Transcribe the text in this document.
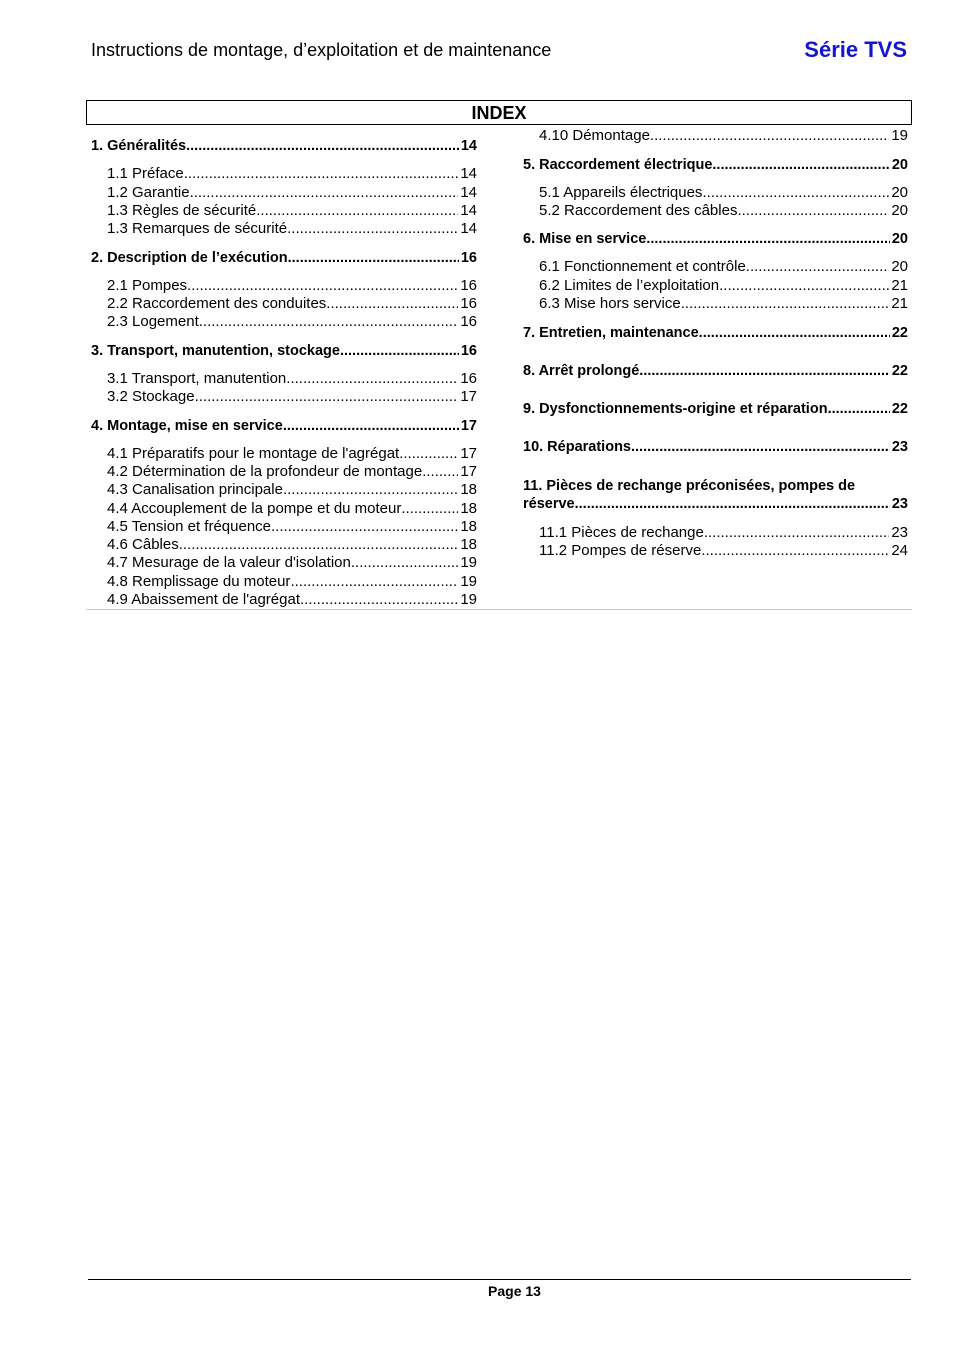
Instructions de montage, d’exploitation et de maintenance	Série TVS
INDEX
1. Généralités .....	14
1.1 Préface .....	14
1.2 Garantie .....	14
1.3 Règles de sécurité .....	14
1.3 Remarques de sécurité .....	14
2. Description de l’exécution .....	16
2.1 Pompes .....	16
2.2 Raccordement des conduites .....	16
2.3 Logement .....	16
3. Transport, manutention, stockage .....	16
3.1 Transport, manutention .....	16
3.2 Stockage .....	17
4. Montage, mise en service .....	17
4.1 Préparatifs pour le montage de l'agrégat .....	17
4.2 Détermination de la profondeur de montage .....	17
4.3 Canalisation principale .....	18
4.4 Accouplement de la pompe et du moteur .....	18
4.5 Tension et fréquence .....	18
4.6 Câbles .....	18
4.7 Mesurage de la valeur d'isolation .....	19
4.8 Remplissage du moteur .....	19
4.9 Abaissement de l'agrégat .....	19
4.10 Démontage .....	19
5. Raccordement électrique .....	20
5.1 Appareils électriques .....	20
5.2 Raccordement des câbles .....	20
6. Mise en service .....	20
6.1 Fonctionnement et contrôle .....	20
6.2 Limites de l’exploitation .....	21
6.3 Mise hors service .....	21
7. Entretien, maintenance .....	22
8. Arrêt prolongé .....	22
9. Dysfonctionnements-origine et réparation .....	22
10. Réparations .....	23
11. Pièces de rechange préconisées, pompes de
réserve .....	23
11.1 Pièces de rechange .....	23
11.2 Pompes de réserve .....	24
Page 13
